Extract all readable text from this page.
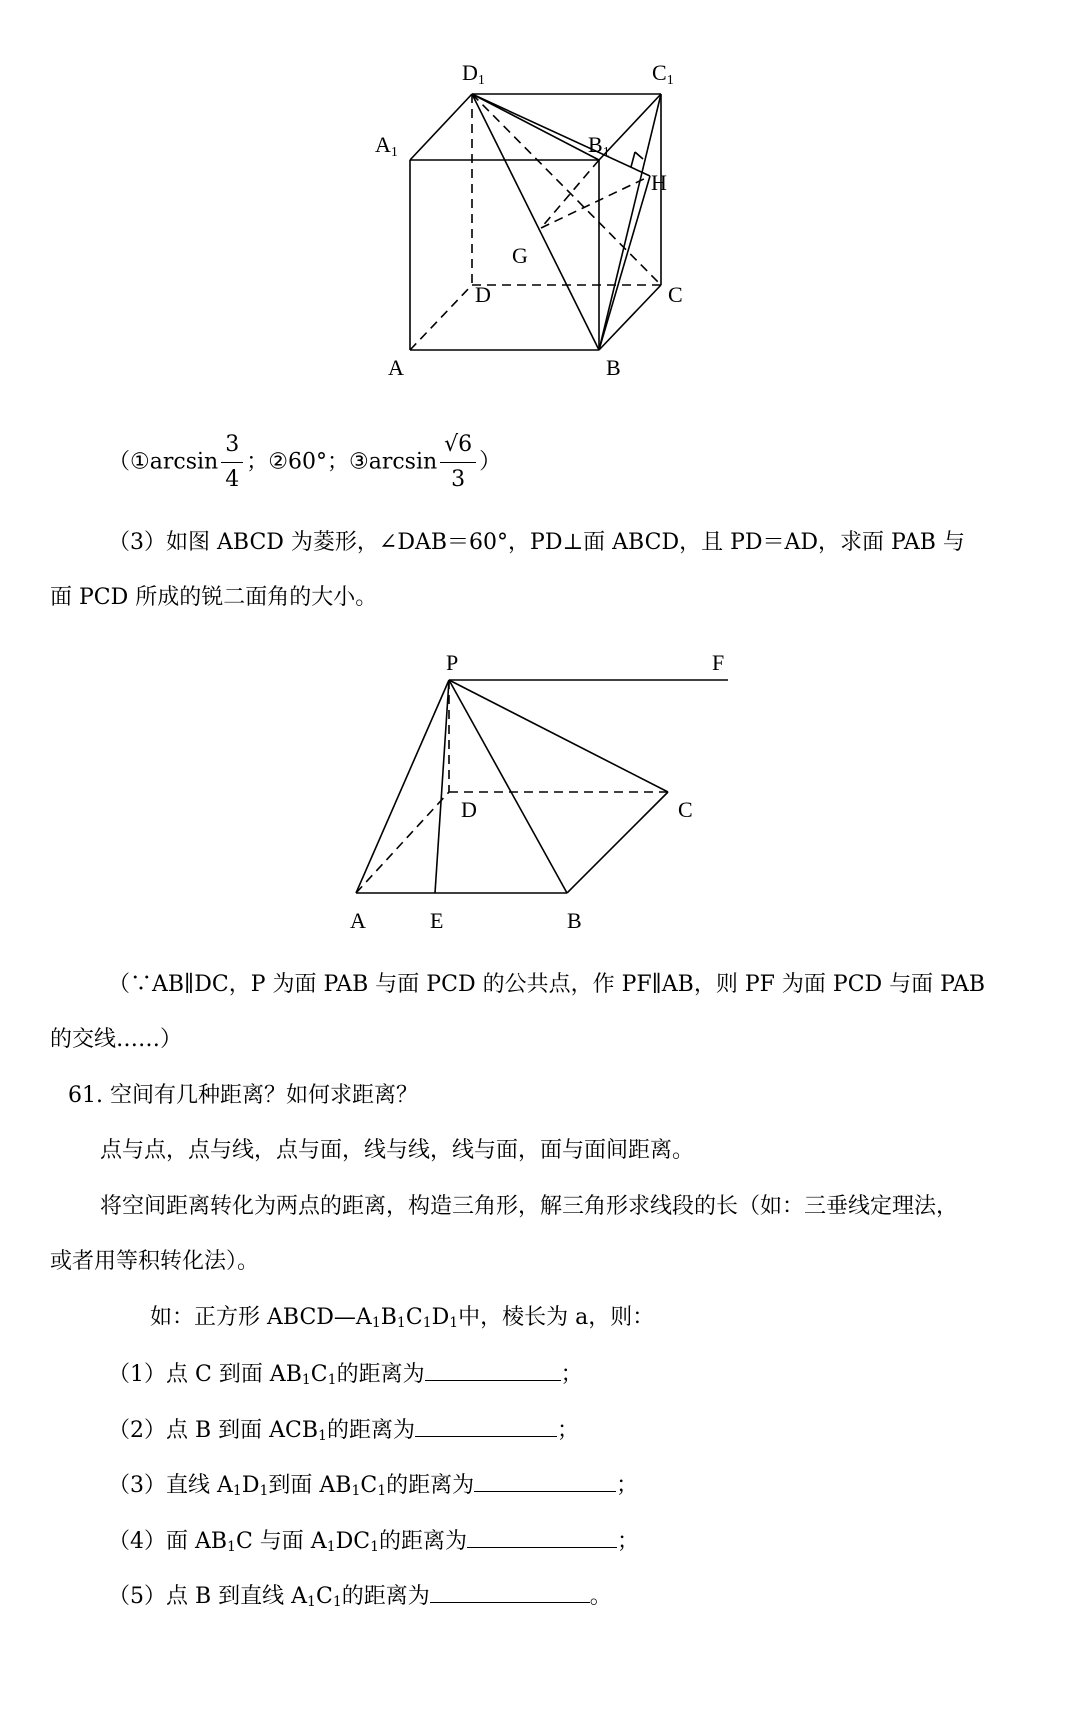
D1	C1
A1	B1
H
G
D	C
A	B
（①arcsin $\frac{3}{4}$ ；②60°；③arcsin $\frac{√6}{3}$ ）
（3）如图 ABCD 为菱形，∠DAB＝60°，PD⊥面 ABCD，且 PD＝AD，求面 PAB 与
面 PCD 所成的锐二面角的大小。
P	F
D	C
A	E	B
（∵AB∥DC，P 为面 PAB 与面 PCD 的公共点，作 PF∥AB，则 PF 为面 PCD 与面 PAB
的交线……）
61. 空间有几种距离？如何求距离？
点与点，点与线，点与面，线与线，线与面，面与面间距离。
将空间距离转化为两点的距离，构造三角形，解三角形求线段的长（如：三垂线定理法，
或者用等积转化法）。
如：正方形 $ABCD—A_1B_1C_1D_1$中，棱长为 a，则：
（1）点 C 到面 $AB_1C_1$的距离为	；
（2）点 B 到面 $ACB_1$的距离为	；
（3）直线 $A_1D_1$到面 $AB_1C_1$的距离为	；
（4）面 $AB_1C$ 与面 $A_1DC_1$的距离为	；
（5）点 B 到直线 $A_1C_1$的距离为	。
